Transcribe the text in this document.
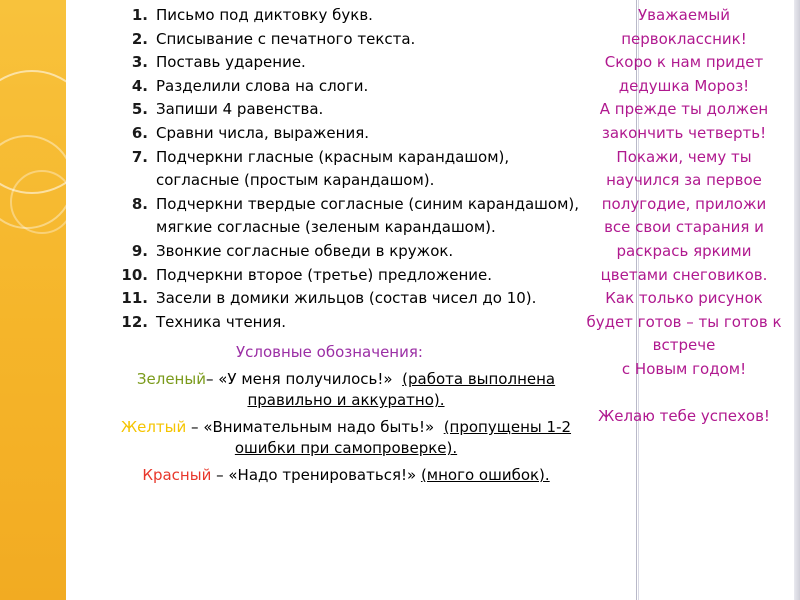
1. Письмо под диктовку букв.
2. Списывание с печатного текста.
3. Поставь ударение.
4. Разделили слова на слоги.
5. Запиши 4 равенства.
6. Сравни числа, выражения.
7. Подчеркни гласные (красным карандашом),
согласные (простым карандашом).
8. Подчеркни твердые согласные (синим карандашом),
мягкие согласные (зеленым карандашом).
9. Звонкие согласные обведи в кружок.
10. Подчеркни второе (третье) предложение.
11. Засели в домики жильцов (состав чисел до 10).
12. Техника чтения.
Условные обозначения:
Зеленый– «У меня получилось!» (работа выполнена
правильно и аккуратно).
Желтый – «Внимательным надо быть!» (пропущены 1-2
ошибки при самопроверке).
Красный – «Надо тренироваться!» (много ошибок).
Уважаемый
первоклассник!
Скоро к нам придет
дедушка Мороз!
А прежде ты должен
закончить четверть!
Покажи, чему ты
научился за первое
полугодие, приложи
все свои старания и
раскрась яркими
цветами снеговиков.
Как только рисунок
будет готов – ты готов к
встрече
с Новым годом!
Желаю тебе успехов!
